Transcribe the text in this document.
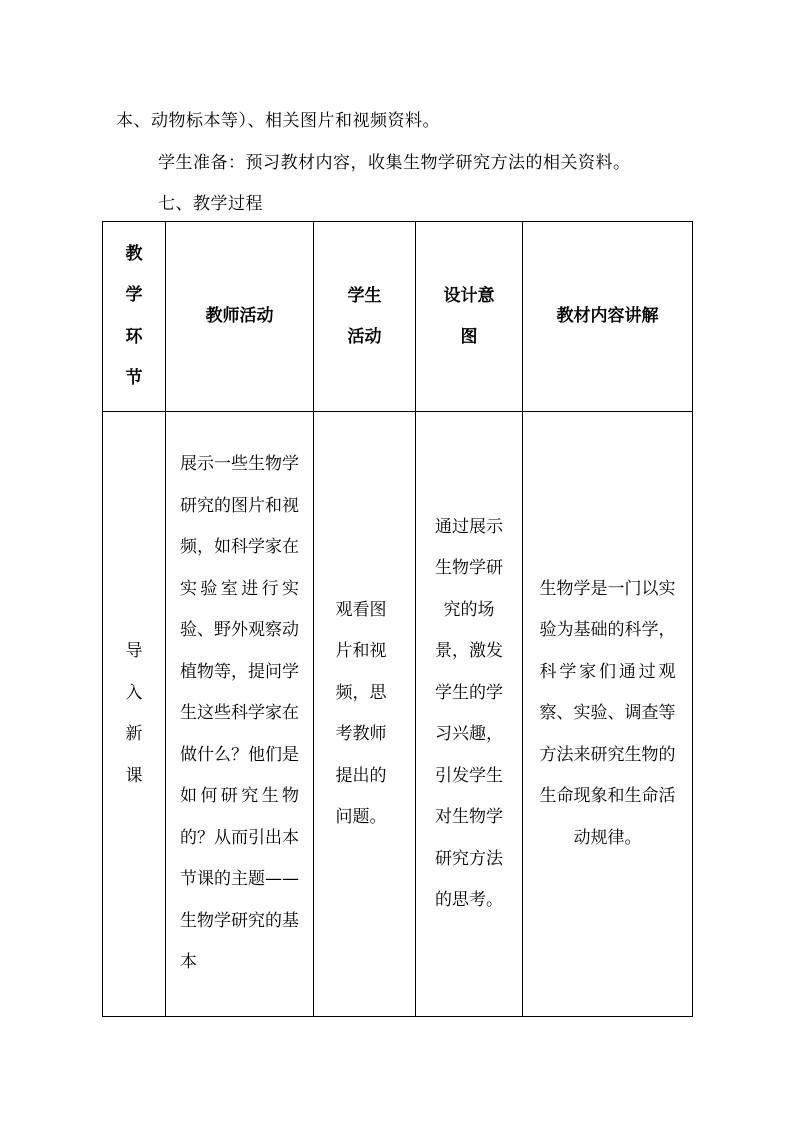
本、动物标本等）、相关图片和视频资料。
学生准备：预习教材内容，收集生物学研究方法的相关资料。
七、教学过程
教学环节	教师活动	学生活动	设计意图	教材内容讲解

导入新课	展示一些生物学研究的图片和视频，如科学家在实验室进行实验、野外观察动植物等，提问学生这些科学家在做什么？他们是如何研究生物的？从而引出本节课的主题——生物学研究的基本	观看图片和视频，思考教师提出的问题。	通过展示生物学研究的场景，激发学生的学习兴趣，引发学生对生物学研究方法的思考。	生物学是一门以实验为基础的科学，科学家们通过观察、实验、调查等方法来研究生物的生命现象和生命活动规律。
